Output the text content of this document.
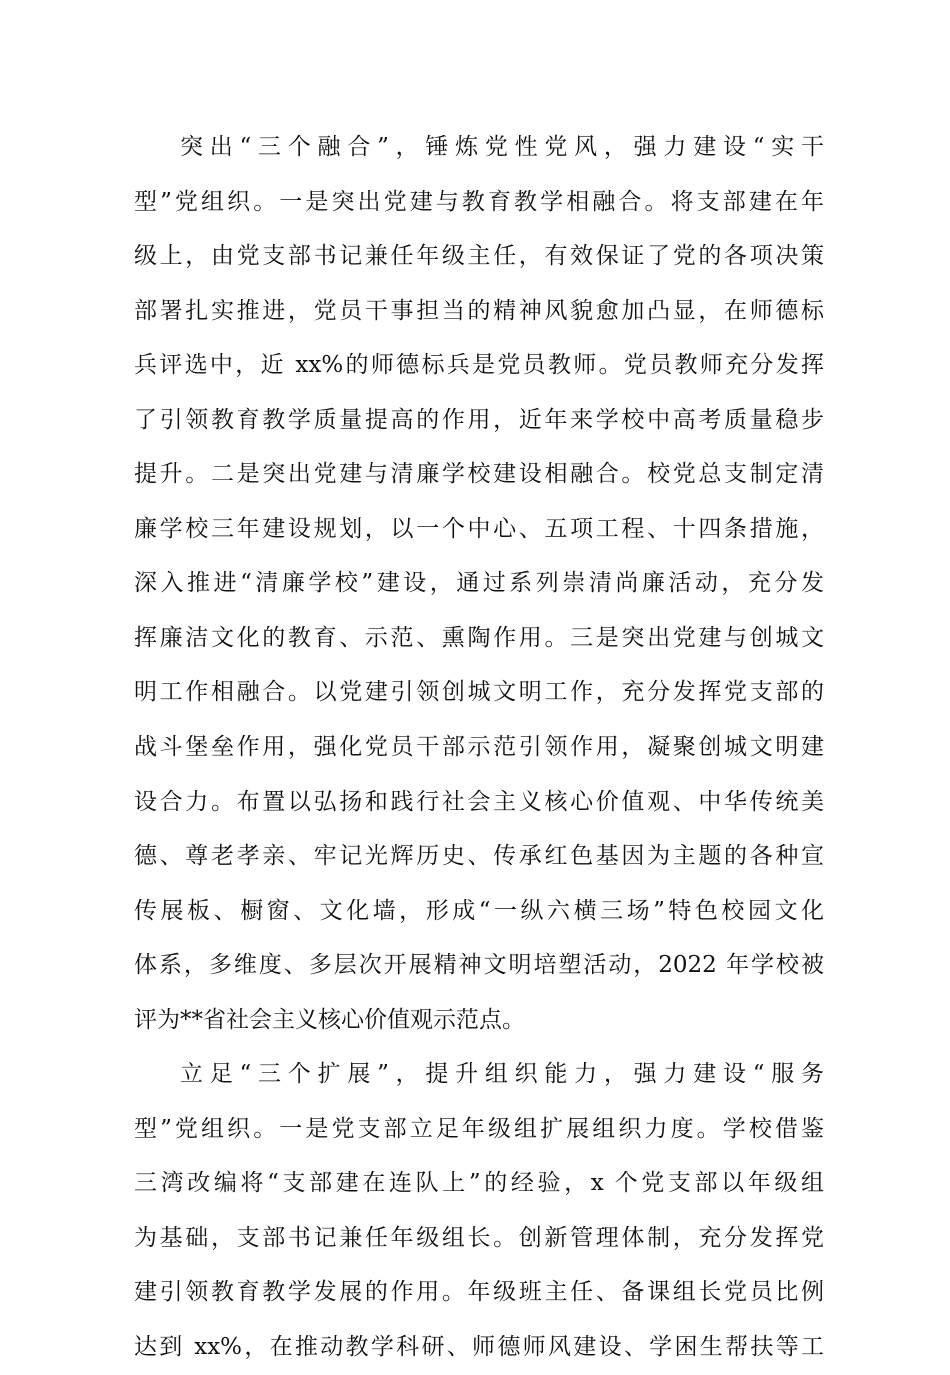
突出“三个融合”，锤炼党性党风，强力建设“实干
型”党组织。一是突出党建与教育教学相融合。将支部建在年
级上，由党支部书记兼任年级主任，有效保证了党的各项决策
部署扎实推进，党员干事担当的精神风貌愈加凸显，在师德标
兵评选中，近 xx%的师德标兵是党员教师。党员教师充分发挥
了引领教育教学质量提高的作用，近年来学校中高考质量稳步
提升。二是突出党建与清廉学校建设相融合。校党总支制定清
廉学校三年建设规划，以一个中心、五项工程、十四条措施，
深入推进“清廉学校”建设，通过系列崇清尚廉活动，充分发
挥廉洁文化的教育、示范、熏陶作用。三是突出党建与创城文
明工作相融合。以党建引领创城文明工作，充分发挥党支部的
战斗堡垒作用，强化党员干部示范引领作用，凝聚创城文明建
设合力。布置以弘扬和践行社会主义核心价值观、中华传统美
德、尊老孝亲、牢记光辉历史、传承红色基因为主题的各种宣
传展板、橱窗、文化墙，形成“一纵六横三场”特色校园文化
体系，多维度、多层次开展精神文明培塑活动，2022 年学校被
评为**省社会主义核心价值观示范点。
立足“三个扩展”，提升组织能力，强力建设“服务
型”党组织。一是党支部立足年级组扩展组织力度。学校借鉴
三湾改编将“支部建在连队上”的经验，x 个党支部以年级组
为基础，支部书记兼任年级组长。创新管理体制，充分发挥党
建引领教育教学发展的作用。年级班主任、备课组长党员比例
达到 xx%，在推动教学科研、师德师风建设、学困生帮扶等工
